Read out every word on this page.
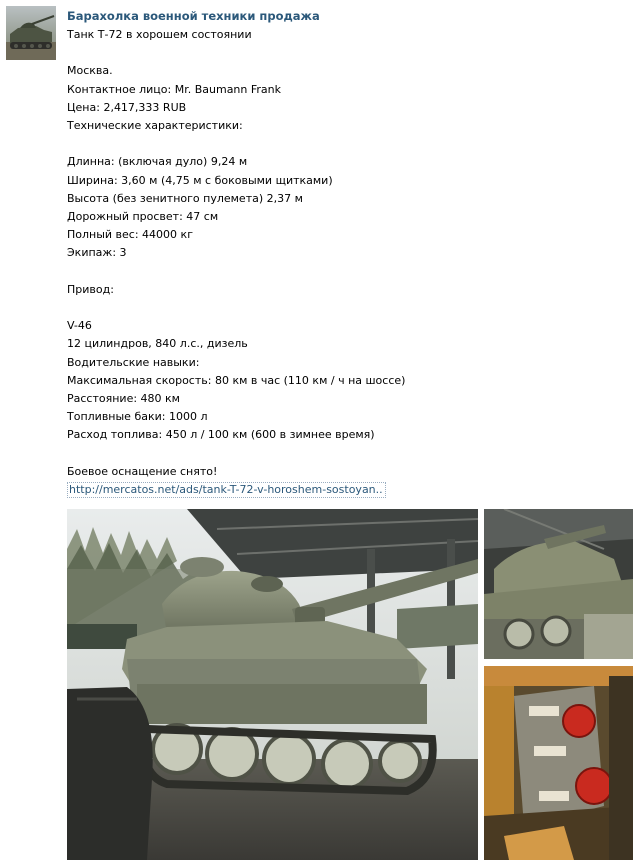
Барахолка военной техники продажа
Танк Т-72 в хорошем состоянии
Москва.
Контактное лицо: Mr. Baumann Frank
Цена: 2,417,333 RUB
Технические характеристики:
Длинна: (включая дуло) 9,24 м
Ширина: 3,60 м (4,75 м с боковыми щитками)
Высота (без зенитного пулемета) 2,37 м
Дорожный просвет: 47 см
Полный вес: 44000 кг
Экипаж: 3
Привод:
V-46
12 цилиндров, 840 л.с., дизель
Водительские навыки:
Максимальная скорость: 80 км в час (110 км / ч на шоссе)
Расстояние: 480 км
Топливные баки: 1000 л
Расход топлива: 450 л / 100 км (600 в зимнее время)
Боевое оснащение снято!
http://mercatos.net/ads/tank-T-72-v-horoshem-sostoyan..
